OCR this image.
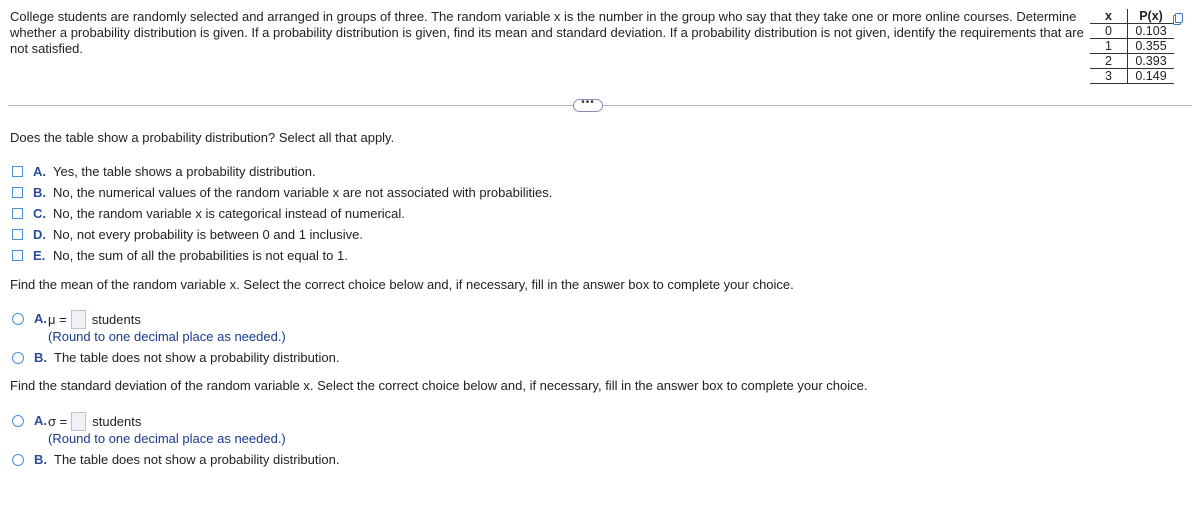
College students are randomly selected and arranged in groups of three. The random variable x is the number in the group who say that they take one or more online courses. Determine whether a probability distribution is given. If a probability distribution is given, find its mean and standard deviation. If a probability distribution is not given, identify the requirements that are not satisfied.
x	P(x)
0	0.103
1	0.355
2	0.393
3	0.149
•••
Does the table show a probability distribution? Select all that apply.
A. Yes, the table shows a probability distribution.
B. No, the numerical values of the random variable x are not associated with probabilities.
C. No, the random variable x is categorical instead of numerical.
D. No, not every probability is between 0 and 1 inclusive.
E. No, the sum of all the probabilities is not equal to 1.
Find the mean of the random variable x. Select the correct choice below and, if necessary, fill in the answer box to complete your choice.
A. μ = students
(Round to one decimal place as needed.)
B. The table does not show a probability distribution.
Find the standard deviation of the random variable x. Select the correct choice below and, if necessary, fill in the answer box to complete your choice.
A. σ = students
(Round to one decimal place as needed.)
B. The table does not show a probability distribution.
